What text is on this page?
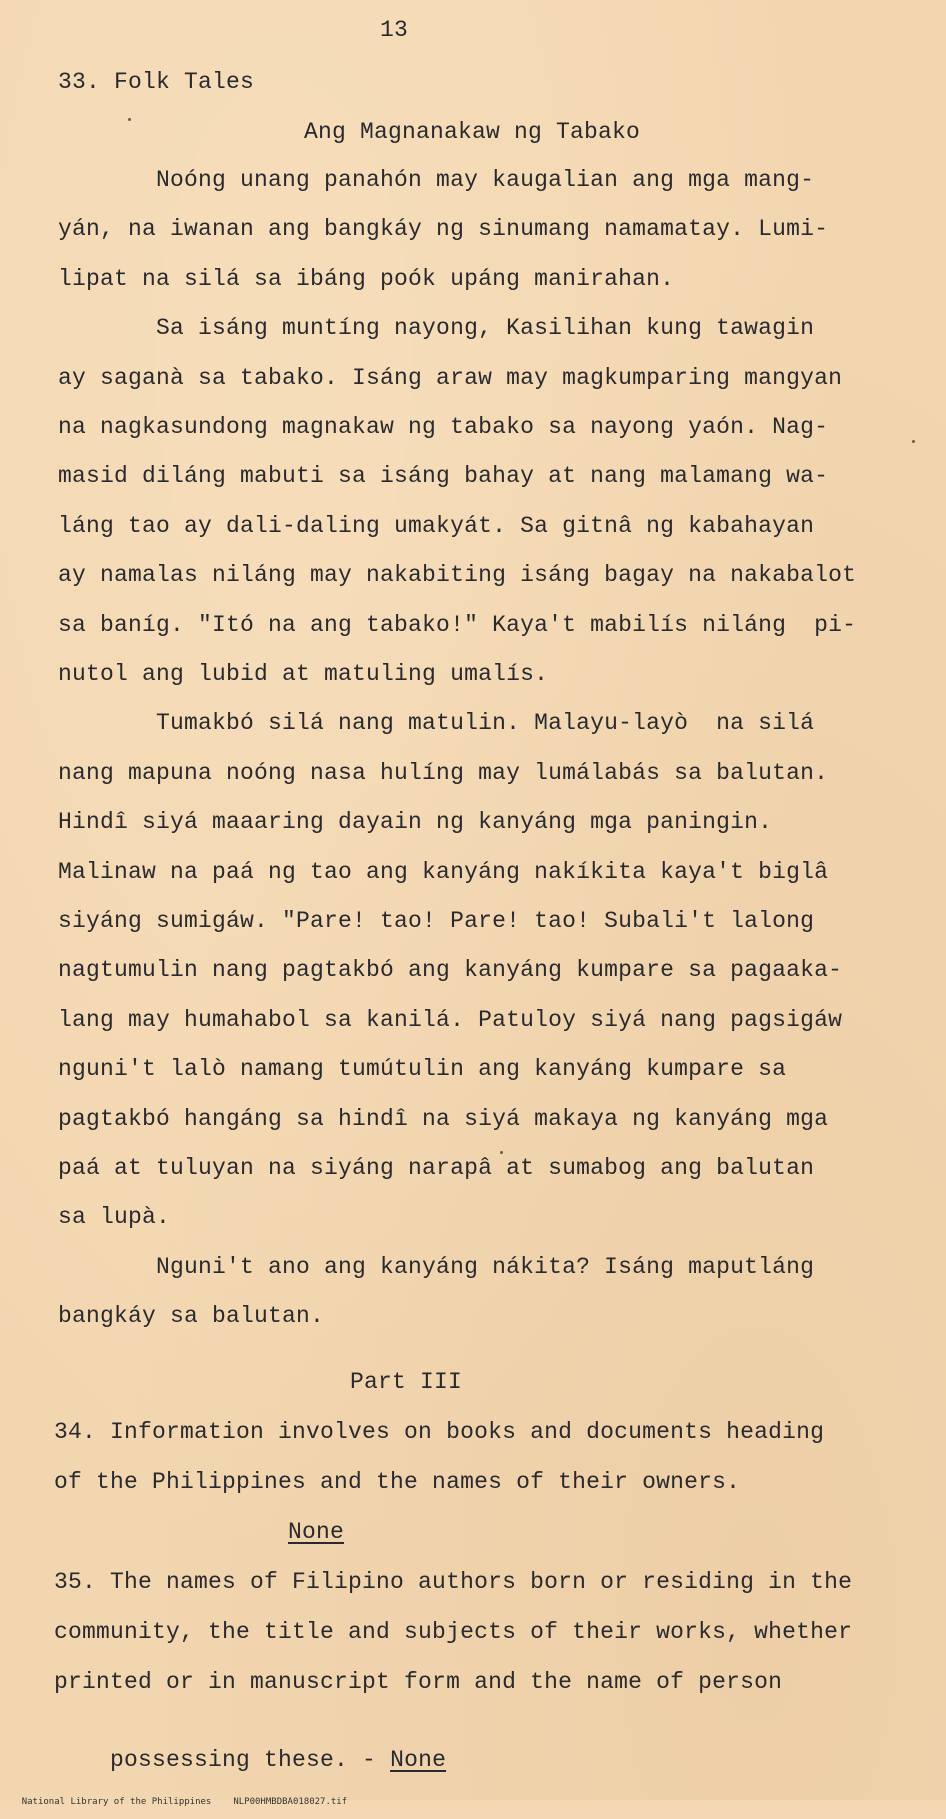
13
33. Folk Tales
Ang Magnanakaw ng Tabako
Noóng unang panahón may kaugalian ang mga mang-
yán, na iwanan ang bangkáy ng sinumang namamatay. Lumi-
lipat na silá sa ibáng poók upáng manirahan.
Sa isáng muntíng nayong, Kasilihan kung tawagin
ay saganà sa tabako. Isáng araw may magkumparing mangyan
na nagkasundong magnakaw ng tabako sa nayong yaón. Nag-
masid diláng mabuti sa isáng bahay at nang malamang wa-
láng tao ay dali-daling umakyát. Sa gitnâ ng kabahayan
ay namalas niláng may nakabiting isáng bagay na nakabalot
sa baníg. "Itó na ang tabako!" Kaya't mabilís niláng  pi-
nutol ang lubid at matuling umalís.
Tumakbó silá nang matulin. Malayu-layò  na silá
nang mapuna noóng nasa hulíng may lumálabás sa balutan.
Hindî siyá maaaring dayain ng kanyáng mga paningin.
Malinaw na paá ng tao ang kanyáng nakíkita kaya't biglâ
siyáng sumigáw. "Pare! tao! Pare! tao! Subali't lalong
nagtumulin nang pagtakbó ang kanyáng kumpare sa pagaaka-
lang may humahabol sa kanilá. Patuloy siyá nang pagsigáw
nguni't lalò namang tumútulin ang kanyáng kumpare sa
pagtakbó hangáng sa hindî na siyá makaya ng kanyáng mga
paá at tuluyan na siyáng narapâ at sumabog ang balutan
sa lupà.
Nguni't ano ang kanyáng nákita? Isáng maputláng
bangkáy sa balutan.
Part III
34. Information involves on books and documents heading
of the Philippines and the names of their owners.
None
35. The names of Filipino authors born or residing in the
community, the title and subjects of their works, whether
printed or in manuscript form and the name of person

possessing these. - None

National Library of the Philippines NLP00HMBDBA018027.tif
